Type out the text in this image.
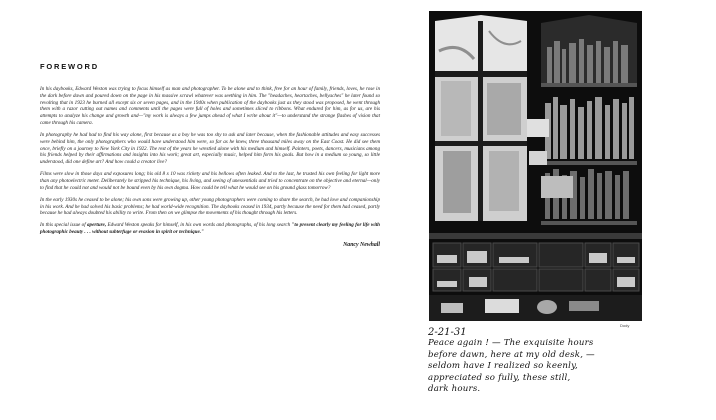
FOREWORD

In his daybooks, Edward Weston was trying to focus himself as man and photographer. To be alone and to think, free for an hour of family, friends, loves, he rose in the dark before dawn and poured down on the page in his massive scrawl whatever was seething in him. The "headaches, heartaches, bellyaches" he later found so revolting that in 1923 he burned all except six or seven pages, and in the 1940s when publication of the daybooks just as they stood was proposed, he went through them with a razor cutting out names and comments until the pages were full of holes and sometimes sliced to ribbons. What endured for him, as for us, are his attempts to analyze his change and growth and—"my work is always a few jumps ahead of what I write about it"—to understand the strange flashes of vision that came through his camera.

In photography he had had to find his way alone, first because as a boy he was too shy to ask and later because, when the fashionable attitudes and easy successes were behind him, the only photographers who would have understood him were, so far as he knew, three thousand miles away on the East Coast. He did see them once, briefly on a journey to New York City in 1922. The rest of the years he wrestled alone with his medium and himself. Painters, poets, dancers, musicians among his friends helped by their affirmations and insights into his work; great art, especially music, helped him form his goals. But how in a medium so young, so little understood, did one define art? And how could a creator live?

Films were slow in those days and exposures long; his old 8 x 10 was rickety and his bellows often leaked. And to the last, he trusted his own feeling for light more than any photoelectric meter. Deliberately he stripped his technique, his living, and seeing of unessentials and tried to concentrate on the objective and eternal—only to find that he could not and would not be bound even by his own dogma. How could he tell what he would see on his ground glass tomorrow?

In the early 1930s he ceased to be alone; his own sons were growing up, other young photographers were coming to share the search, he had love and companionship in his work. And he had solved his basic problems; he had world-wide recognition. The daybooks ceased in 1934, partly because the need for them had ceased, partly because he had always doubted his ability to write. From then on we glimpse the movements of his thought through his letters.

In this special issue of aperture, Edward Weston speaks for himself, in his own words and photographs, of his long search "to present clearly my feeling for life with photographic beauty . . . without subterfuge or evasion in spirit or technique."

Nancy Newhall
Dody
2-21-31
Peace again ! — The exquisite hours
before dawn, here at my old desk, —
seldom have I realized so keenly,
appreciated so fully, these still,
dark hours.
